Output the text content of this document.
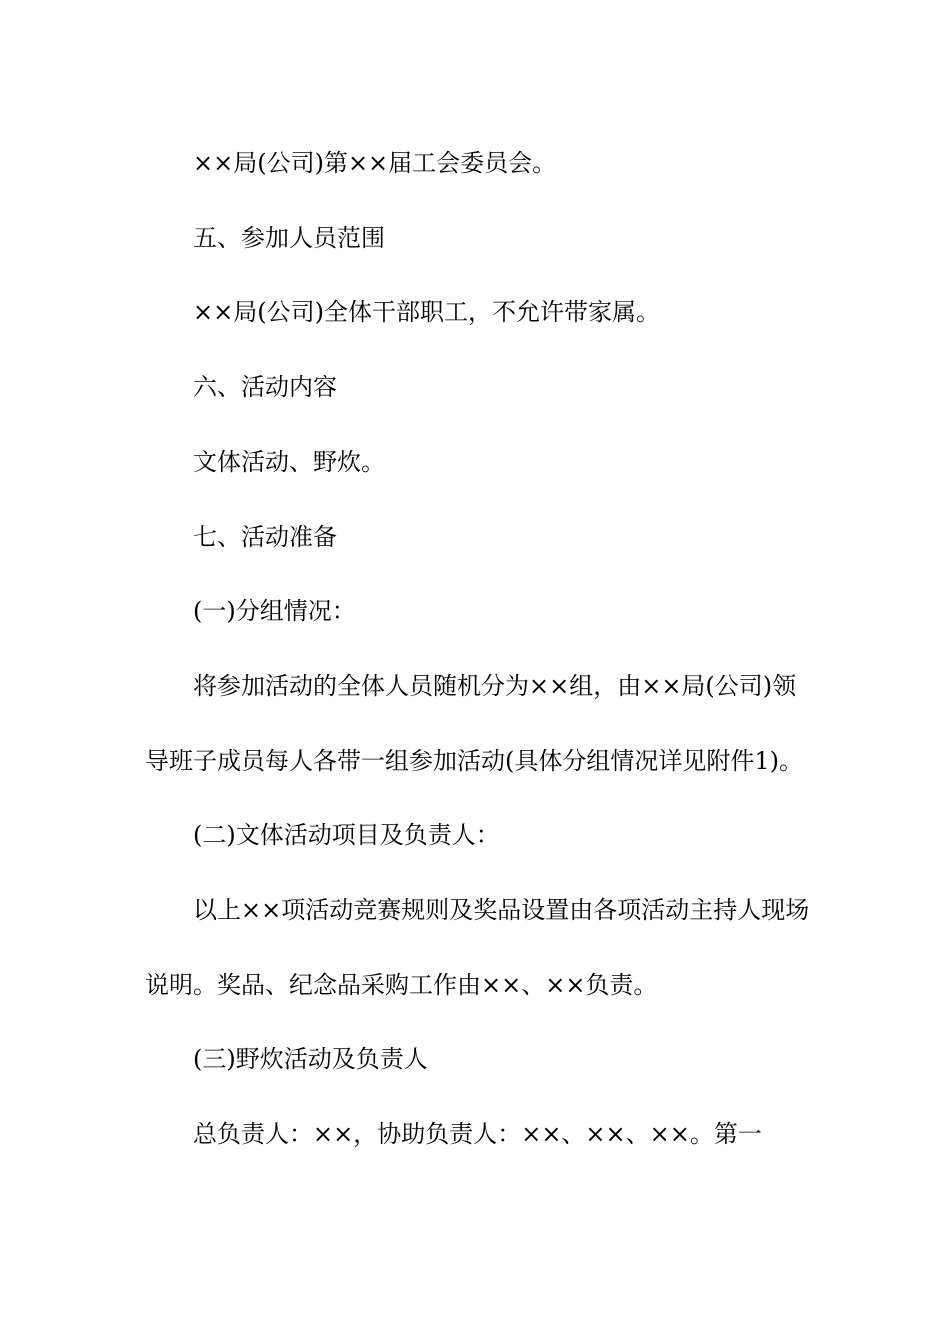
××局(公司)第××届工会委员会。

五、参加人员范围

××局(公司)全体干部职工，不允许带家属。

六、活动内容

文体活动、野炊。

七、活动准备

(一)分组情况：

将参加活动的全体人员随机分为××组，由××局(公司)领导班子成员每人各带一组参加活动(具体分组情况详见附件1)。

(二)文体活动项目及负责人：

以上××项活动竞赛规则及奖品设置由各项活动主持人现场说明。奖品、纪念品采购工作由××、××负责。

(三)野炊活动及负责人

总负责人：××，协助负责人：××、××、××。第一
